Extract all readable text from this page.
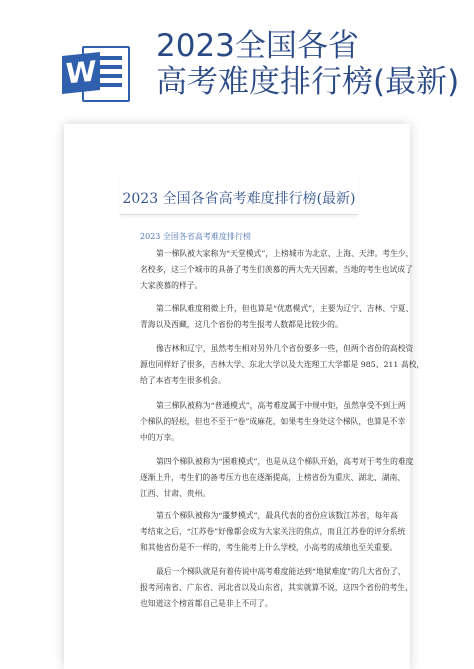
W
2023全国各省
高考难度排行榜(最新)
2023 全国各省高考难度排行榜(最新)
2023 全国各省高考难度排行榜
第一梯队被大家称为“天堂模式”，上榜城市为北京、上海、天津。考生少，
名校多，这三个城市的具备了考生们羡慕的两大先天因素，当地的考生也试成了
大家羡慕的样子。
第二梯队难度稍微上升，但也算是“优惠模式”，主要为辽宁、吉林、宁夏、
青海以及西藏，这几个省份的考生报考人数都是比较少的。
像吉林和辽宁，虽然考生相对另外几个省份要多一些，但两个省份的高校资
源也同样好了很多，吉林大学、东北大学以及大连理工大学都是 985、211 高校，
给了本省考生很多机会。
第三梯队被称为“普通模式”，高考难度属于中规中矩，虽然享受不到上两
个梯队的轻松，但也不至于“卷”成麻花，如果考生身处这个梯队，也算是不幸
中的万幸。
第四个梯队被称为“困难模式”，也是从这个梯队开始，高考对于考生的难度
逐渐上升，考生们的备考压力也在逐渐提高，上榜省份为重庆、湖北、湖南、
江西、甘肃、贵州。
第五个梯队被称为“噩梦模式”，最具代表的省份应该数江苏省，每年高
考结束之后，“江苏卷”好像都会成为大家关注的焦点，而且江苏卷的评分系统
和其他省份是不一样的，考生能考上什么学校，小高考的成绩也至关重要。
最后一个梯队就是有着传说中高考难度能达到“地狱难度”的几大省份了，
报考河南省、广东省、河北省以及山东省，其实就算不说，这四个省份的考生，
也知道这个榜首都自己是非上不可了。
